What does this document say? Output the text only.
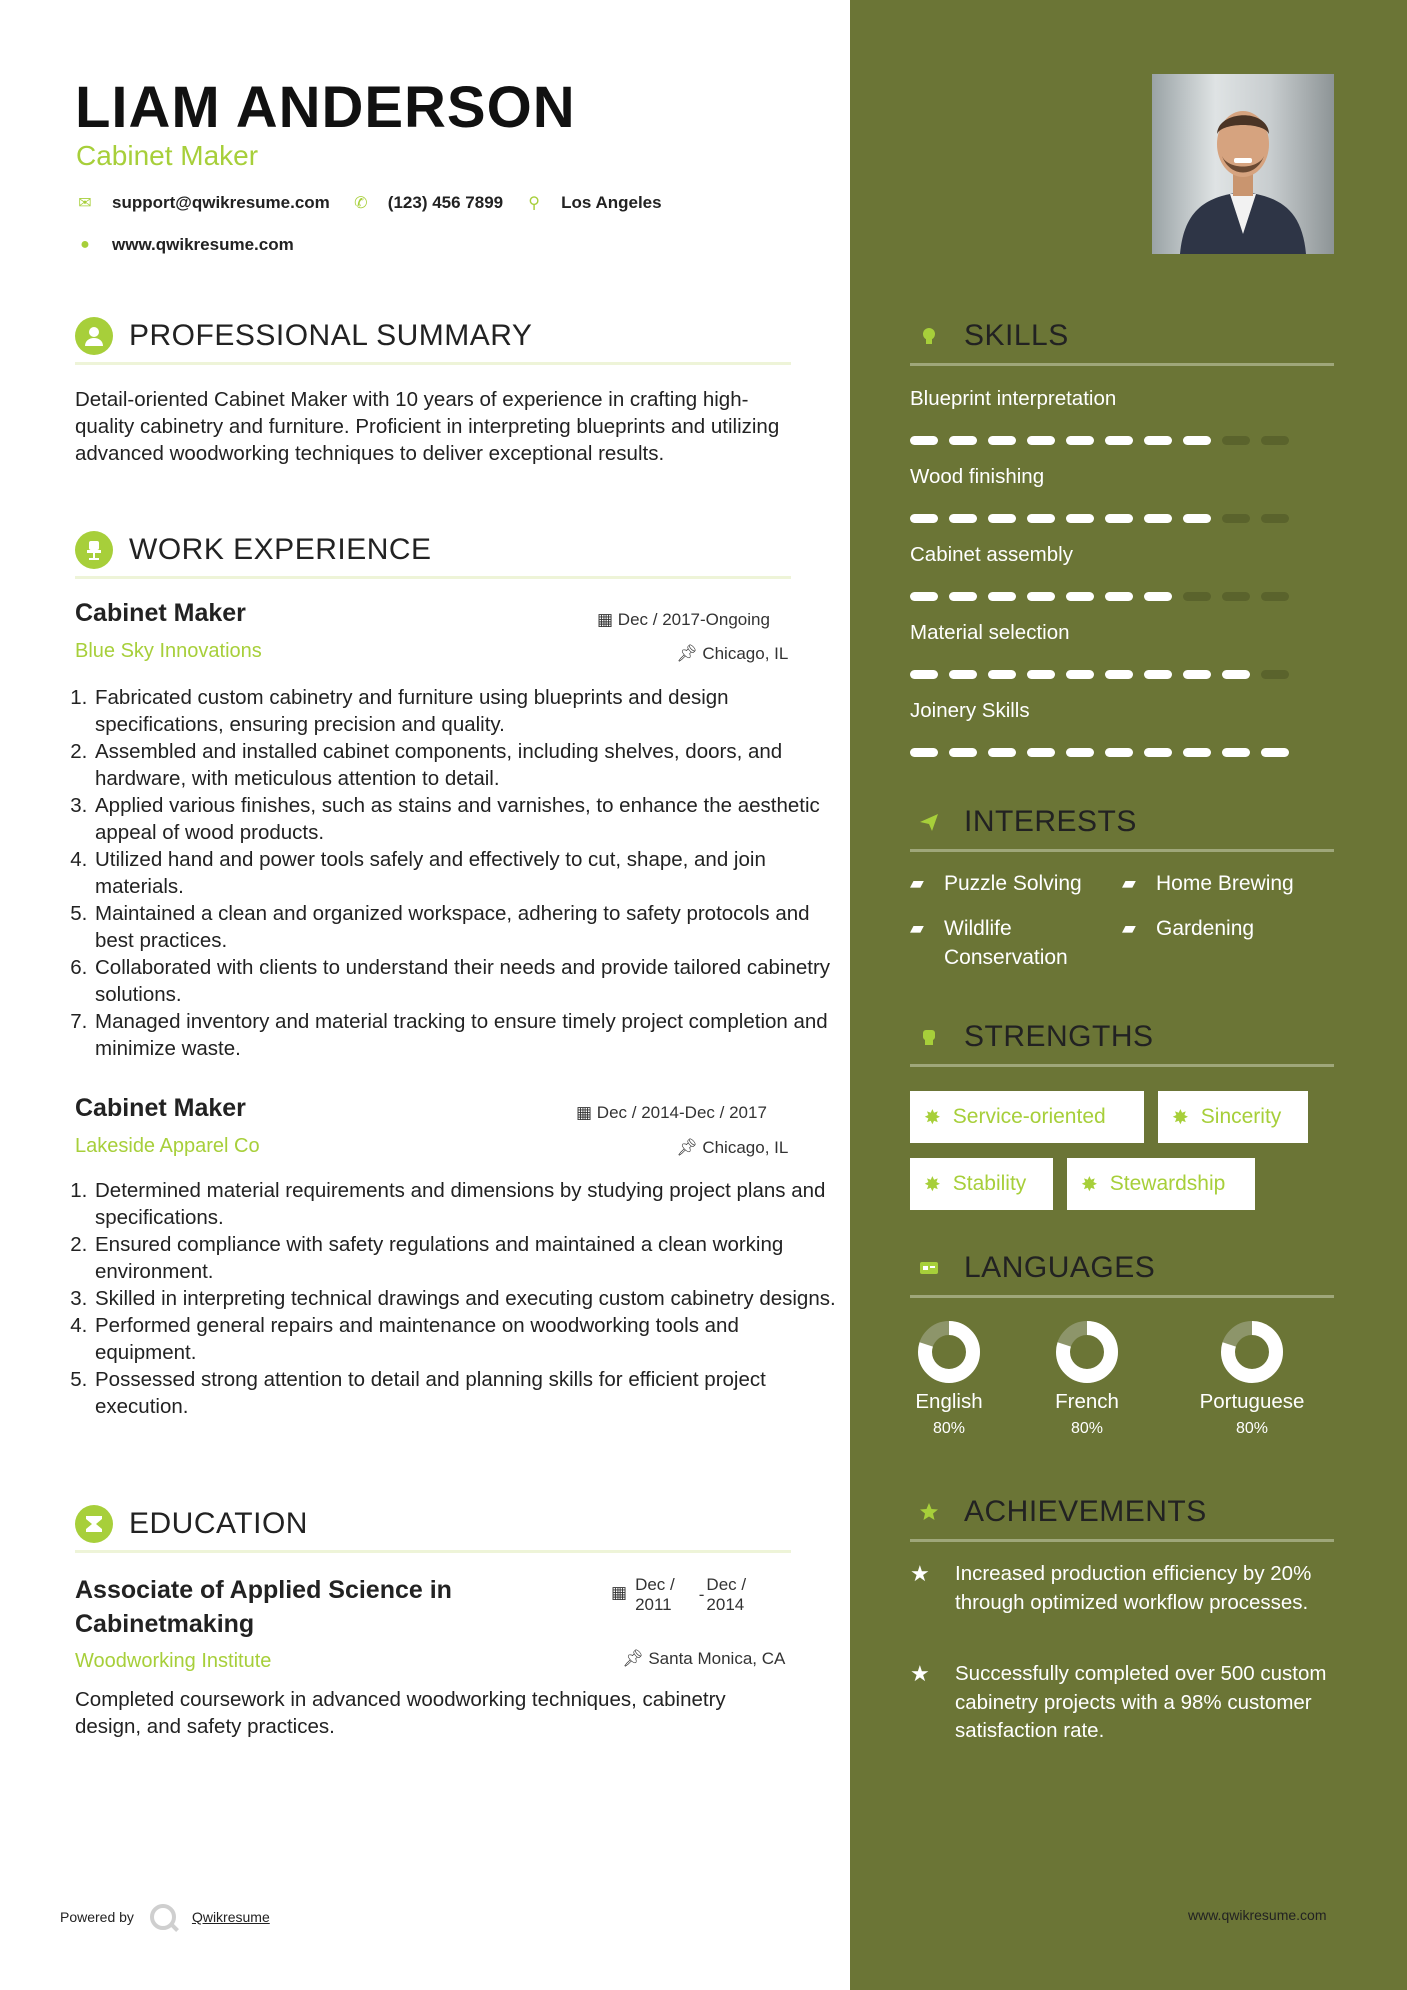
LIAM ANDERSON
Cabinet Maker
✉ support@qwikresume.com ✆ (123) 456 7899 ⚲ Los Angeles
● www.qwikresume.com
PROFESSIONAL SUMMARY

Detail-oriented Cabinet Maker with 10 years of experience in crafting high-quality cabinetry and furniture. Proficient in interpreting blueprints and utilizing advanced woodworking techniques to deliver exceptional results.

WORK EXPERIENCE
Cabinet Maker
Blue Sky Innovations
▦ Dec / 2017-Ongoing
📌︎ Chicago, IL
1. Fabricated custom cabinetry and furniture using blueprints and design specifications, ensuring precision and quality.
2. Assembled and installed cabinet components, including shelves, doors, and hardware, with meticulous attention to detail.
3. Applied various finishes, such as stains and varnishes, to enhance the aesthetic appeal of wood products.
4. Utilized hand and power tools safely and effectively to cut, shape, and join materials.
5. Maintained a clean and organized workspace, adhering to safety protocols and best practices.
6. Collaborated with clients to understand their needs and provide tailored cabinetry solutions.
7. Managed inventory and material tracking to ensure timely project completion and minimize waste.
Cabinet Maker
Lakeside Apparel Co
▦ Dec / 2014-Dec / 2017
📌︎ Chicago, IL
1. Determined material requirements and dimensions by studying project plans and specifications.
2. Ensured compliance with safety regulations and maintained a clean working environment.
3. Skilled in interpreting technical drawings and executing custom cabinetry designs.
4. Performed general repairs and maintenance on woodworking tools and equipment.
5. Possessed strong attention to detail and planning skills for efficient project execution.
EDUCATION
Associate of Applied Science in
Cabinetmaking
▦ Dec /
2011
-
Dec /
2014
Woodworking Institute	📌︎ Santa Monica, CA

Completed coursework in advanced woodworking techniques, cabinetry design, and safety practices.

Powered by	Qwikresume
SKILLS
Blueprint interpretation
Wood finishing
Cabinet assembly
Material selection
Joinery Skills
INTERESTS
▰ Puzzle Solving ▰ Home Brewing
▰ Wildlife Conservation
▰ Gardening
STRENGTHS
✸ Service-oriented	✸ Sincerity
✸ Stability	✸ Stewardship
LANGUAGES
English
80%
French
80%
Portuguese
80%
ACHIEVEMENTS
★	Increased production efficiency by 20% through optimized workflow processes.
★	Successfully completed over 500 custom cabinetry projects with a 98% customer satisfaction rate.
www.qwikresume.com
